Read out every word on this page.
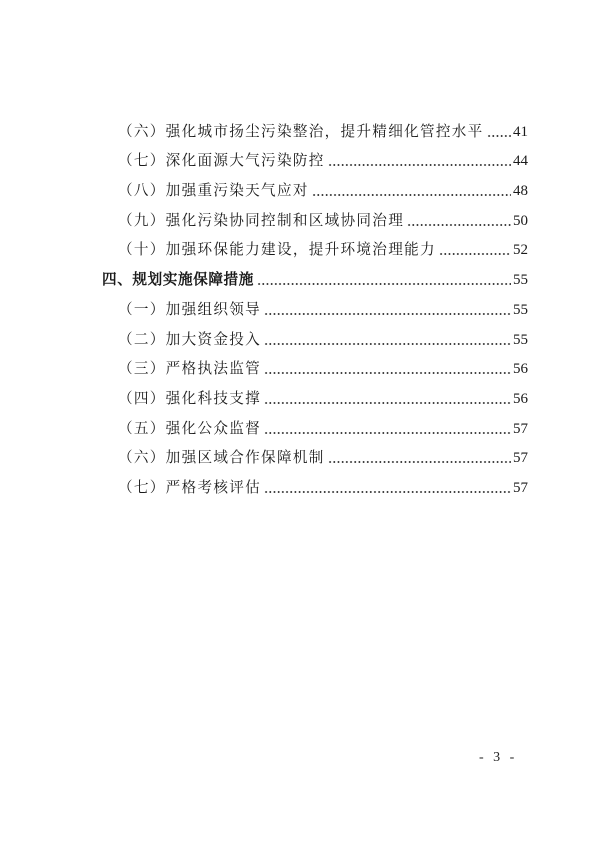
（六）强化城市扬尘污染整治，提升精细化管控水平 41
（七）深化面源大气污染防控	44
（八）加强重污染天气应对	48
（九）强化污染协同控制和区域协同治理	50
（十）加强环保能力建设，提升环境治理能力	52
四、规划实施保障措施	55
（一）加强组织领导	55
（二）加大资金投入	55
（三）严格执法监管	56
（四）强化科技支撑	56
（五）强化公众监督	57
（六）加强区域合作保障机制	57
（七）严格考核评估	57
- 3 -
